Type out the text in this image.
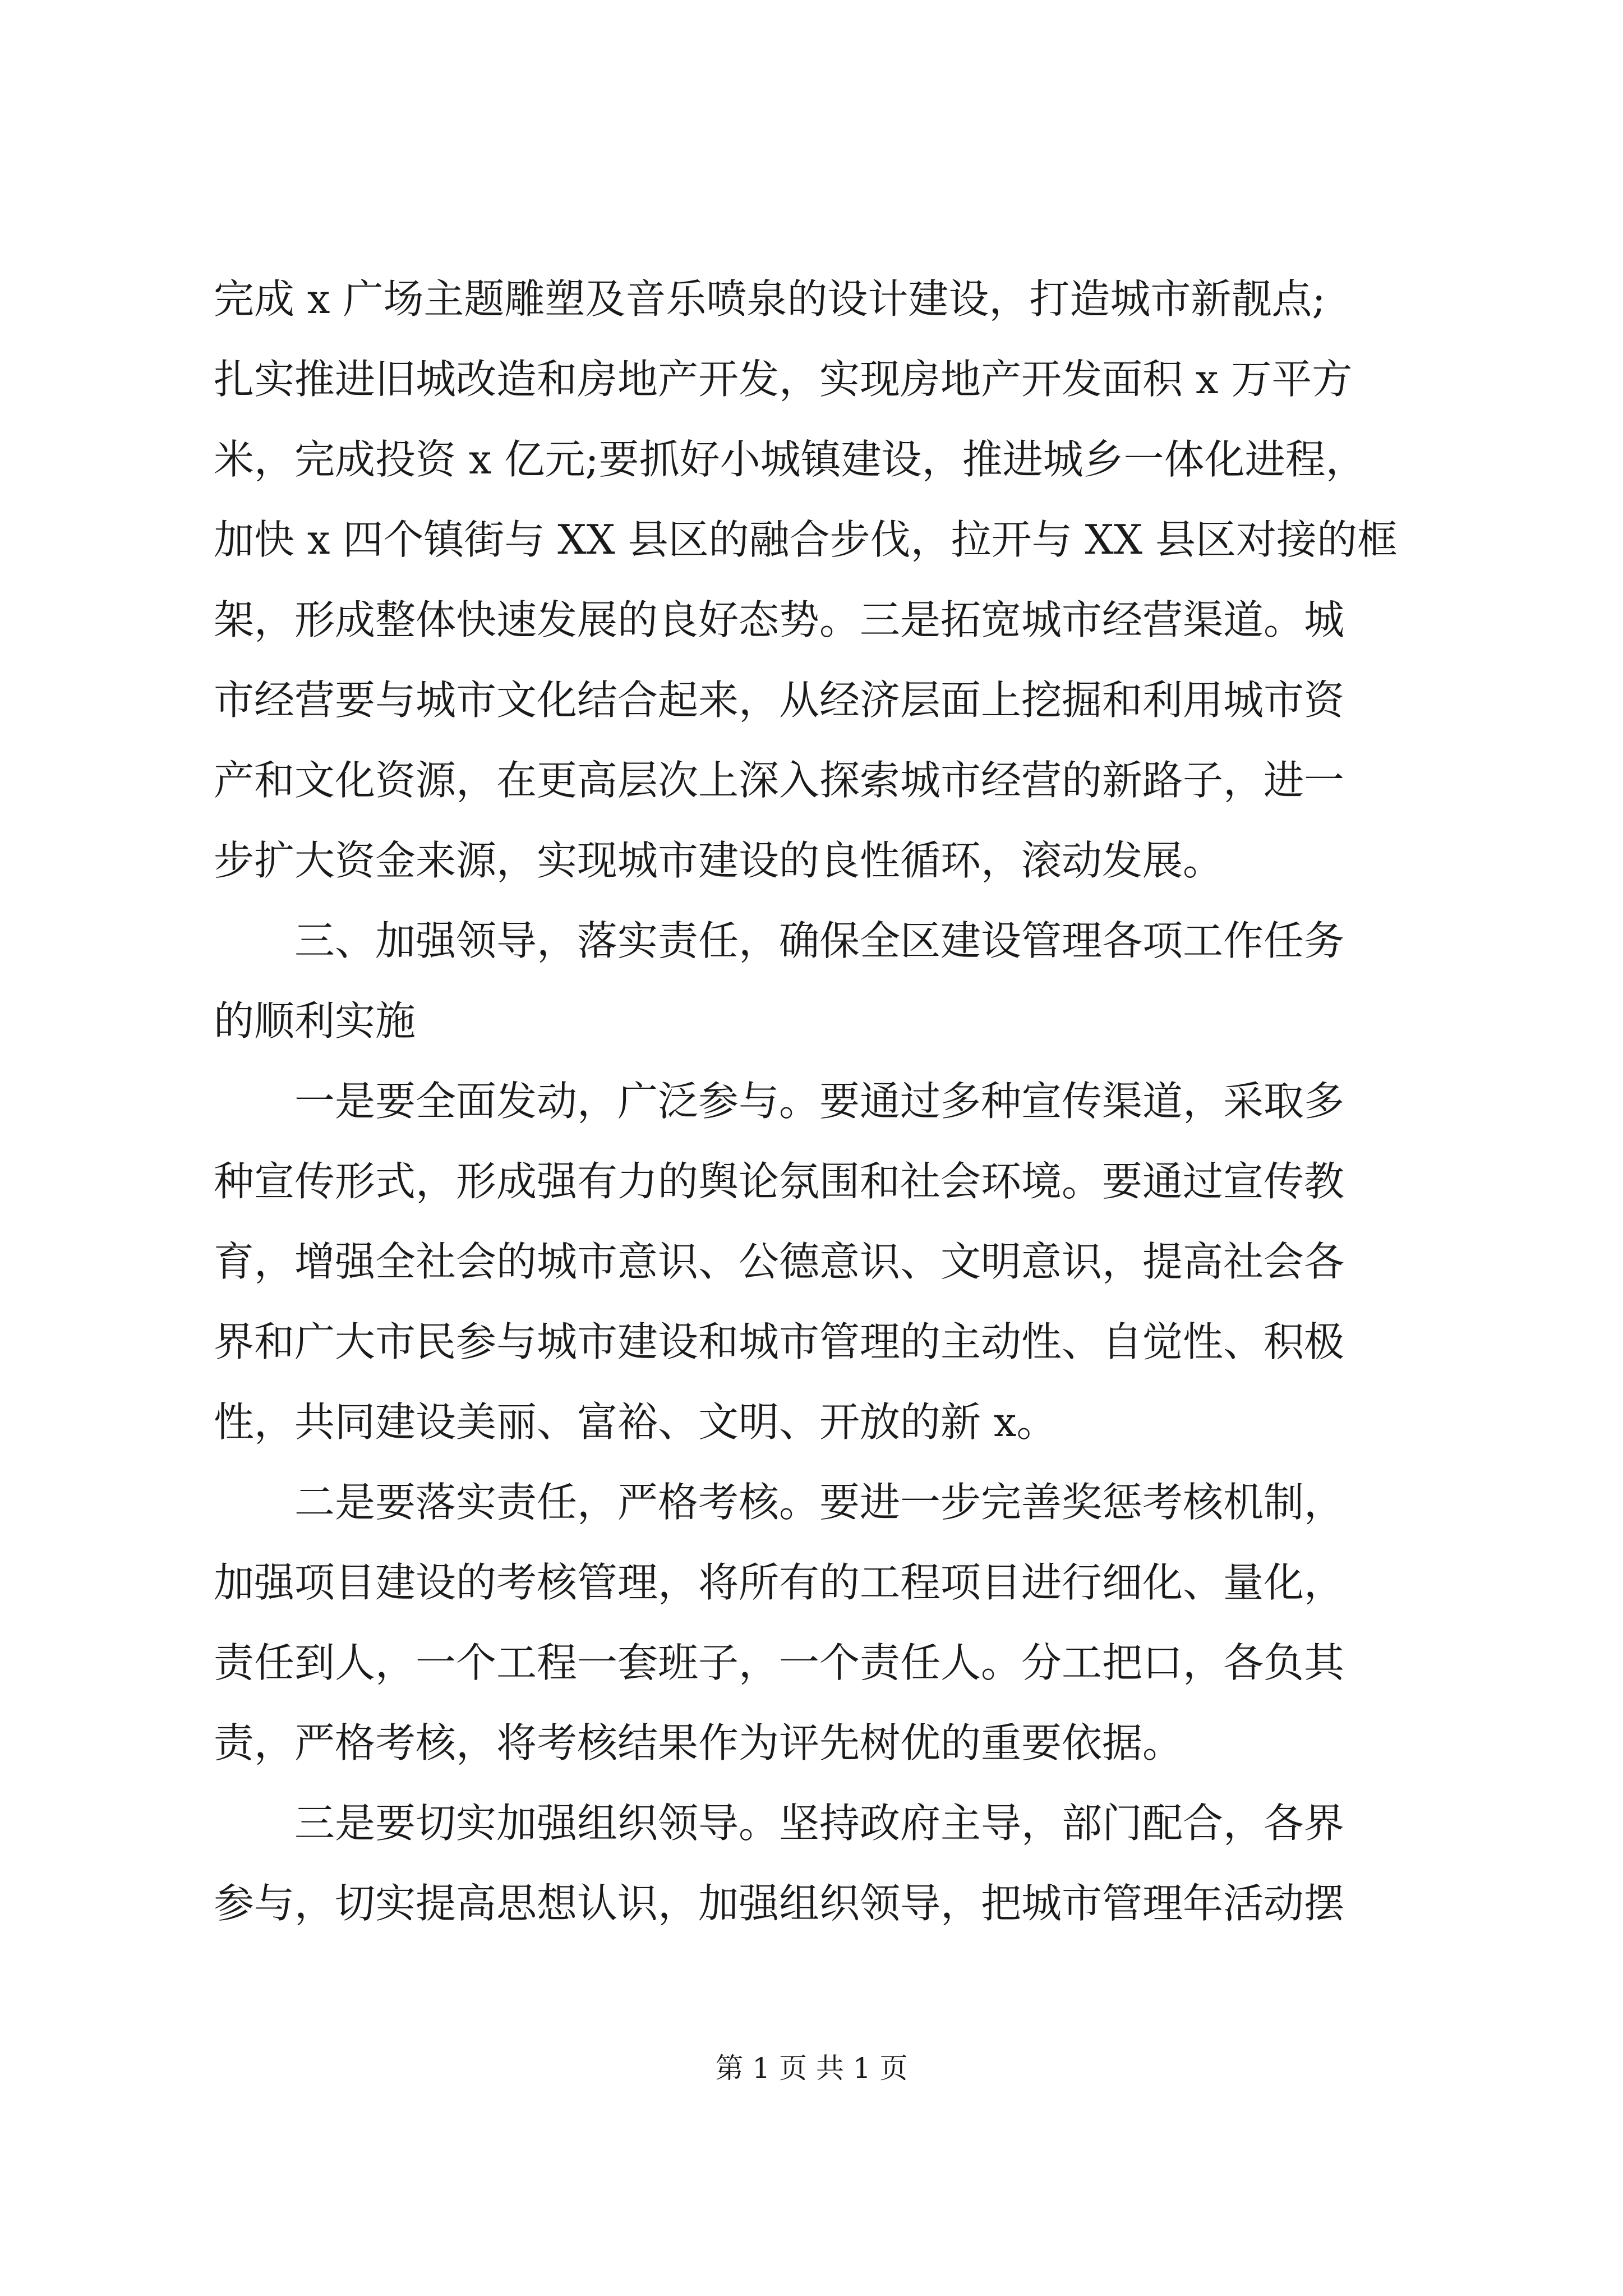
完成 x 广场主题雕塑及音乐喷泉的设计建设，打造城市新靓点;
扎实推进旧城改造和房地产开发，实现房地产开发面积 x 万平方
米，完成投资 x 亿元;要抓好小城镇建设，推进城乡一体化进程，
加快 x 四个镇街与 XX 县区的融合步伐，拉开与 XX 县区对接的框
架，形成整体快速发展的良好态势。三是拓宽城市经营渠道。城
市经营要与城市文化结合起来，从经济层面上挖掘和利用城市资
产和文化资源，在更高层次上深入探索城市经营的新路子，进一
步扩大资金来源，实现城市建设的良性循环，滚动发展。
三、加强领导，落实责任，确保全区建设管理各项工作任务
的顺利实施
一是要全面发动，广泛参与。要通过多种宣传渠道，采取多
种宣传形式，形成强有力的舆论氛围和社会环境。要通过宣传教
育，增强全社会的城市意识、公德意识、文明意识，提高社会各
界和广大市民参与城市建设和城市管理的主动性、自觉性、积极
性，共同建设美丽、富裕、文明、开放的新 x。
二是要落实责任，严格考核。要进一步完善奖惩考核机制，
加强项目建设的考核管理，将所有的工程项目进行细化、量化，
责任到人，一个工程一套班子，一个责任人。分工把口，各负其
责，严格考核，将考核结果作为评先树优的重要依据。
三是要切实加强组织领导。坚持政府主导，部门配合，各界
参与，切实提高思想认识，加强组织领导，把城市管理年活动摆
第 1 页 共 1 页
